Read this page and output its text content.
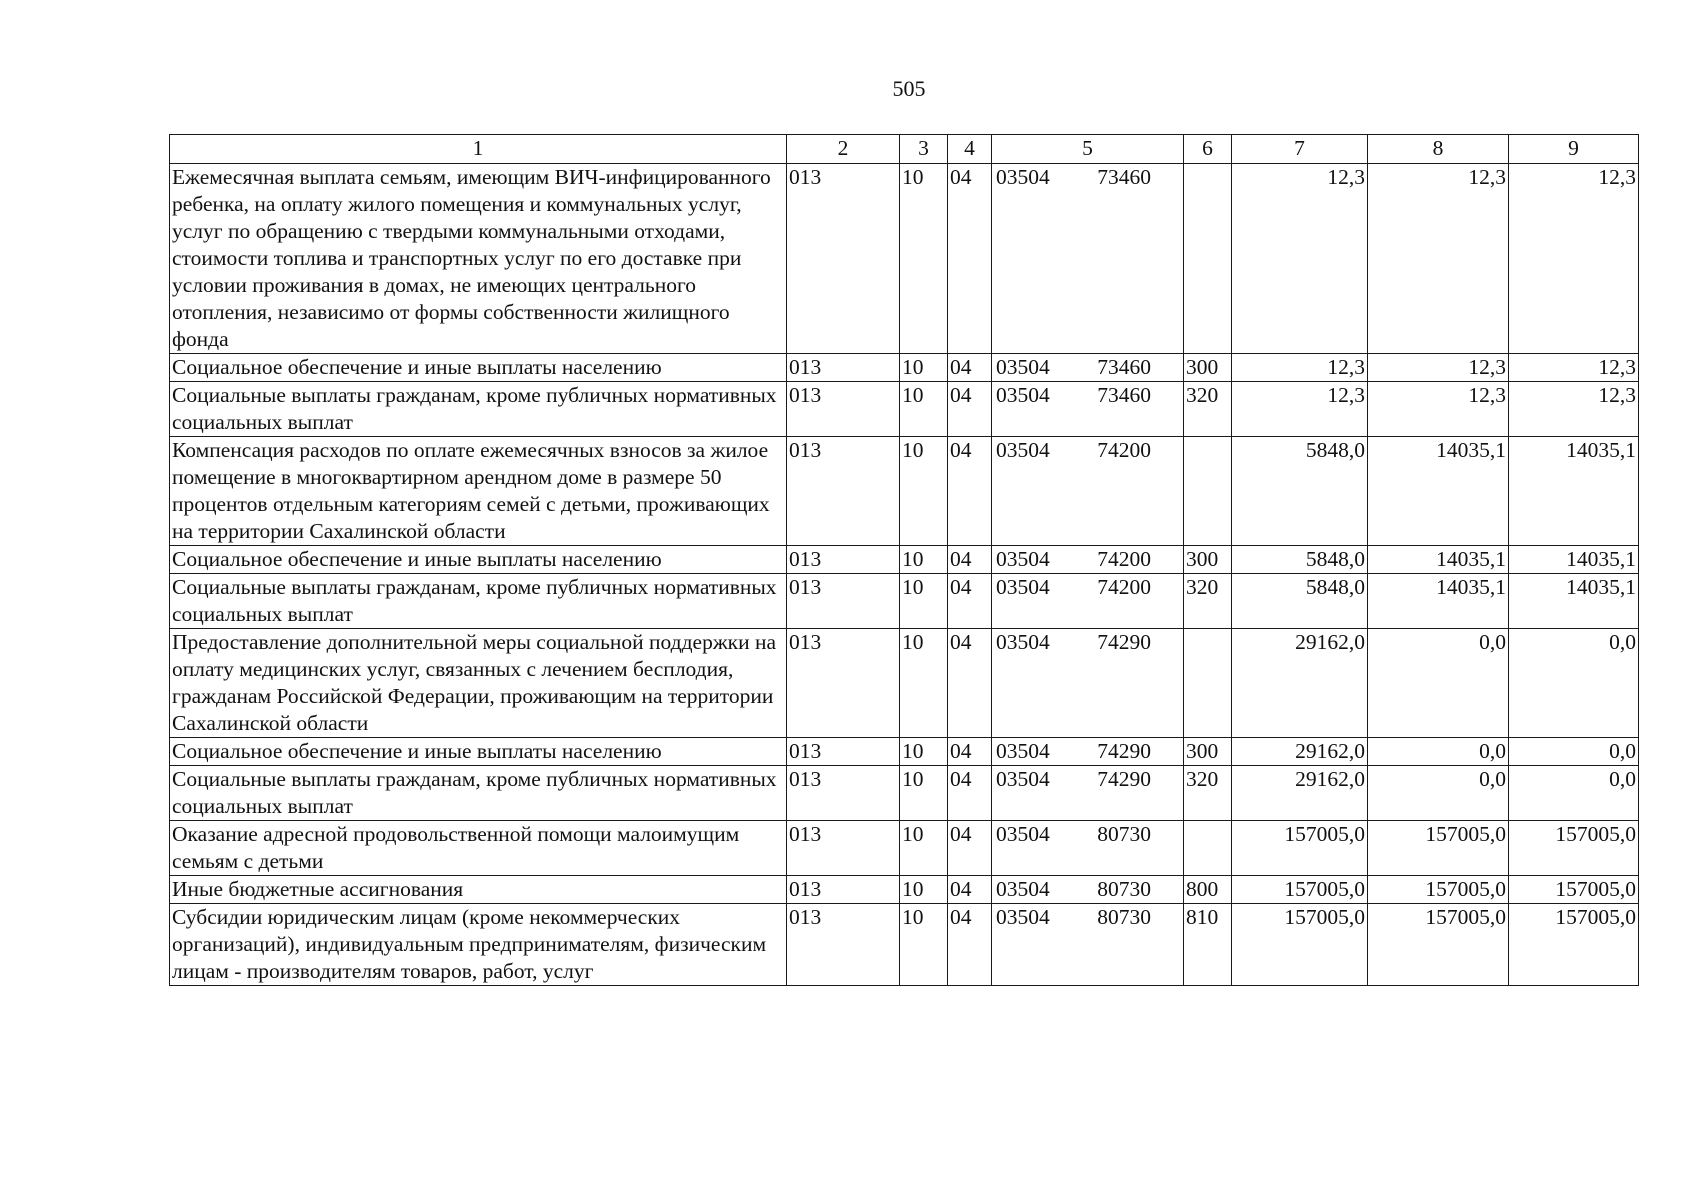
505
1	2	3	4	5	6	7	8	9
Ежемесячная выплата семьям, имеющим ВИЧ-инфицированного ребенка, на оплату жилого помещения и коммунальных услуг, услуг по обращению с твердыми коммунальными отходами, стоимости топлива и транспортных услуг по его доставке при условии проживания в домах, не имеющих центрального отопления, независимо от формы собственности жилищного фонда	013	10	04	03504 73460		12,3	12,3	12,3
Социальное обеспечение и иные выплаты населению	013	10	04	03504 73460	300	12,3	12,3	12,3
Социальные выплаты гражданам, кроме публичных нормативных социальных выплат	013	10	04	03504 73460	320	12,3	12,3	12,3
Компенсация расходов по оплате ежемесячных взносов за жилое помещение в многоквартирном арендном доме в размере 50 процентов отдельным категориям семей с детьми, проживающих на территории Сахалинской области	013	10	04	03504 74200		5848,0	14035,1	14035,1
Социальное обеспечение и иные выплаты населению	013	10	04	03504 74200	300	5848,0	14035,1	14035,1
Социальные выплаты гражданам, кроме публичных нормативных социальных выплат	013	10	04	03504 74200	320	5848,0	14035,1	14035,1
Предоставление дополнительной меры социальной поддержки на оплату медицинских услуг, связанных с лечением бесплодия, гражданам Российской Федерации, проживающим на территории Сахалинской области	013	10	04	03504 74290		29162,0	0,0	0,0
Социальное обеспечение и иные выплаты населению	013	10	04	03504 74290	300	29162,0	0,0	0,0
Социальные выплаты гражданам, кроме публичных нормативных социальных выплат	013	10	04	03504 74290	320	29162,0	0,0	0,0
Оказание адресной продовольственной помощи малоимущим семьям с детьми	013	10	04	03504 80730		157005,0	157005,0	157005,0
Иные бюджетные ассигнования	013	10	04	03504 80730	800	157005,0	157005,0	157005,0
Субсидии юридическим лицам (кроме некоммерческих организаций), индивидуальным предпринимателям, физическим лицам - производителям товаров, работ, услуг	013	10	04	03504 80730	810	157005,0	157005,0	157005,0
